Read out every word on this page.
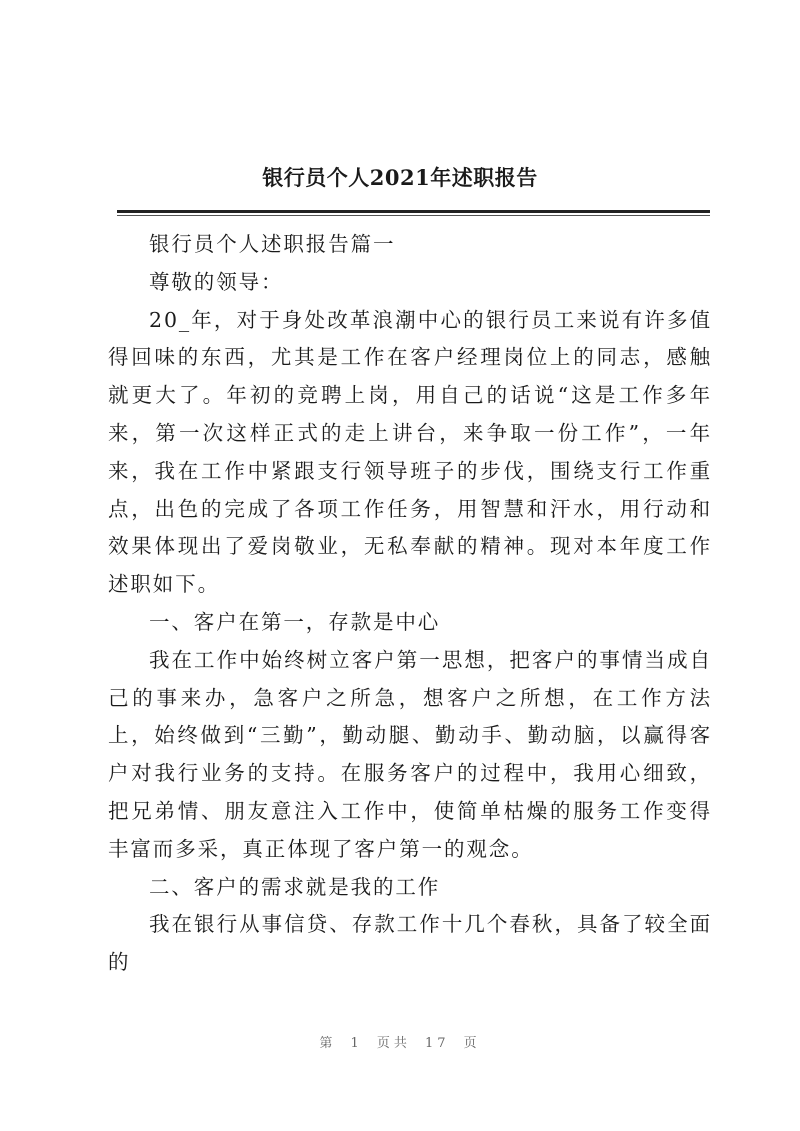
银行员个人2021年述职报告

银行员个人述职报告篇一

尊敬的领导：

20_年，对于身处改革浪潮中心的银行员工来说有许多值得回味的东西，尤其是工作在客户经理岗位上的同志，感触就更大了。年初的竞聘上岗，用自己的话说“这是工作多年来，第一次这样正式的走上讲台，来争取一份工作”，一年来，我在工作中紧跟支行领导班子的步伐，围绕支行工作重点，出色的完成了各项工作任务，用智慧和汗水，用行动和效果体现出了爱岗敬业，无私奉献的精神。现对本年度工作述职如下。

一、客户在第一，存款是中心

我在工作中始终树立客户第一思想，把客户的事情当成自己的事来办，急客户之所急，想客户之所想，在工作方法上，始终做到“三勤”，勤动腿、勤动手、勤动脑，以赢得客户对我行业务的支持。在服务客户的过程中，我用心细致，把兄弟情、朋友意注入工作中，使简单枯燥的服务工作变得丰富而多采，真正体现了客户第一的观念。

二、客户的需求就是我的工作

我在银行从事信贷、存款工作十几个春秋，具备了较全面的

第 1 页共 17 页
